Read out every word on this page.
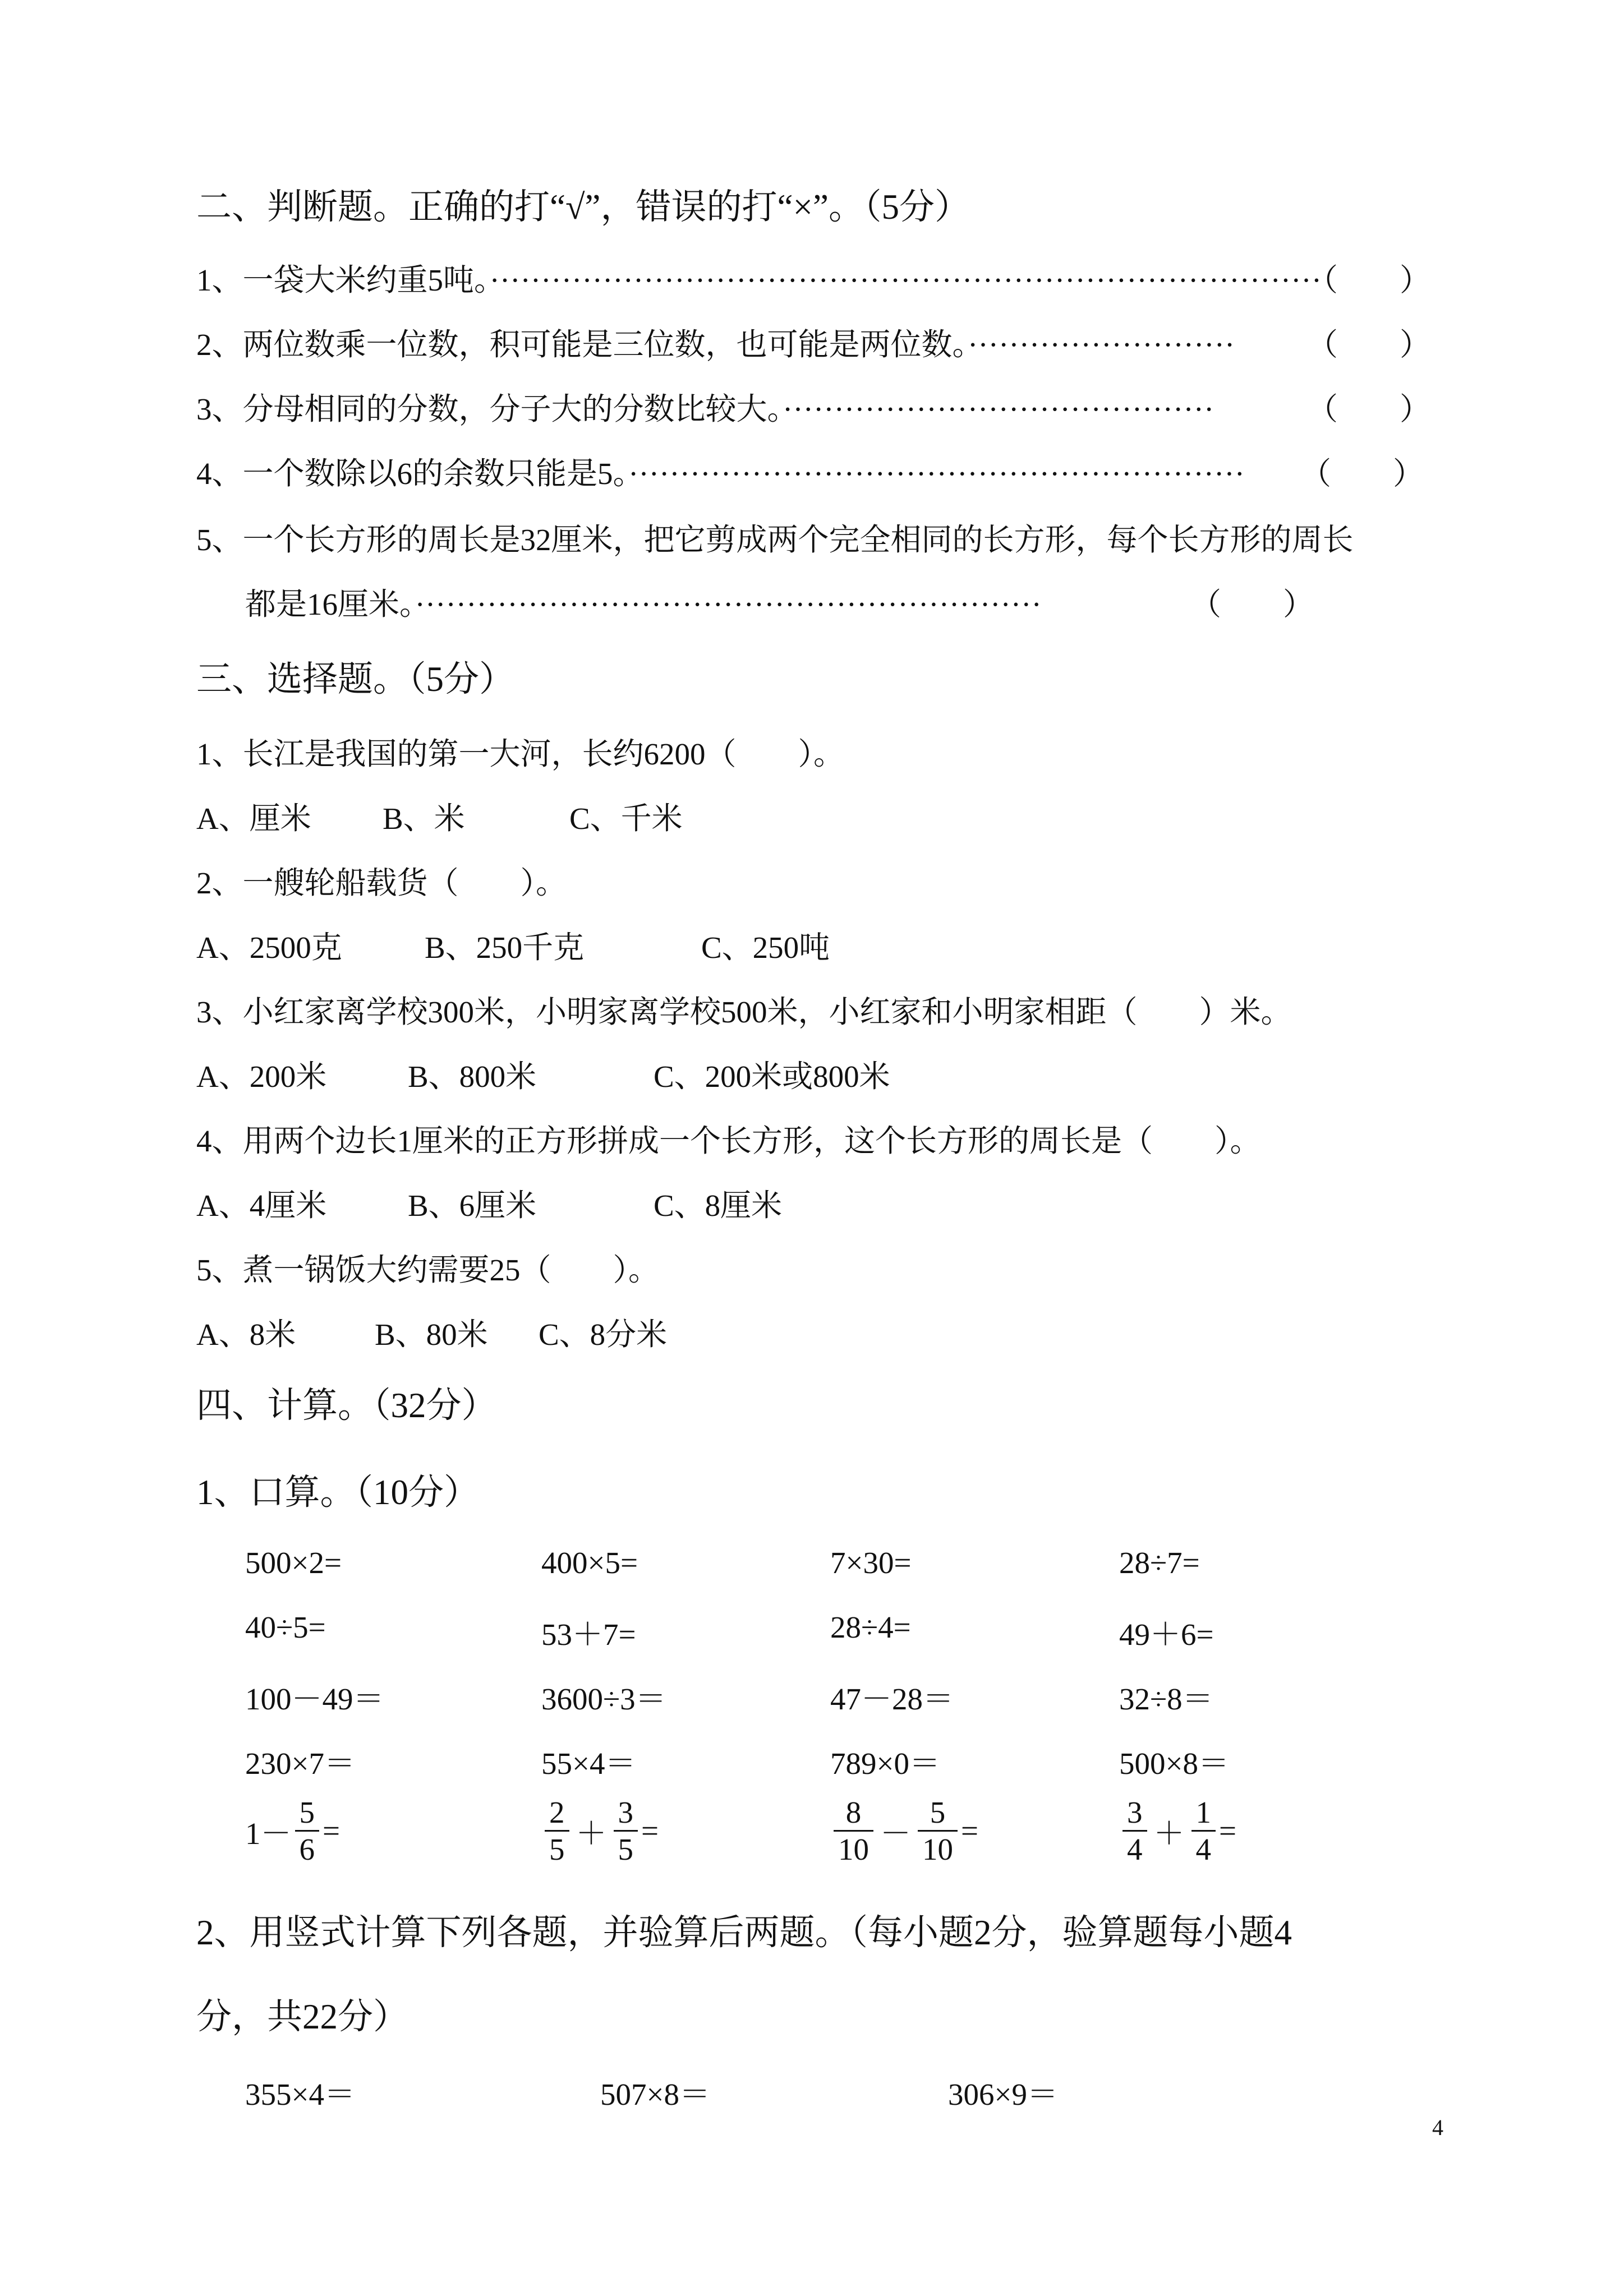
二、判断题。正确的打“√”，错误的打“×”。（5分）
1、一袋大米约重5吨。·················································································
（　　）
2、两位数乘一位数，积可能是三位数，也可能是两位数。·························· （　　）
3、分母相同的分数，分子大的分数比较大。··········································	（　　）
4、一个数除以6的余数只能是5。···························································· （　　）
5、一个长方形的周长是32厘米，把它剪成两个完全相同的长方形，每个长方形的周长
都是16厘米。·····························································	（　　）
三、选择题。（5分）
1、长江是我国的第一大河，长约6200（　　）。
A、厘米 B、米	C、千米
2、一艘轮船载货（　　）。
A、2500克	B、250千克	C、250吨
3、小红家离学校300米，小明家离学校500米，小红家和小明家相距（　　）米。
A、200米	B、800米	C、200米或800米
4、用两个边长1厘米的正方形拼成一个长方形，这个长方形的周长是（　　）。
A、4厘米	B、6厘米	C、8厘米
5、煮一锅饭大约需要25（　　）。
A、8米	B、80米 C、8分米
四、计算。（32分）
1、口算。（10分）
500×2=	400×5=	7×30=	28÷7=
40÷5=	53＋7=	28÷4=	49＋6=
100－49＝	3600÷3＝	47－28＝	32÷8＝
230×7＝	55×4＝	789×0＝	500×8＝
$1- \frac{5}{6}$ =	$\frac{2}{5} + \frac{3}{5}$ =	$\frac{8}{10} - \frac{5}{10}$ =	$\frac{3}{4} + \frac{1}{4}$ =
2、用竖式计算下列各题，并验算后两题。（每小题2分，验算题每小题4
分，共22分）
355×4＝	507×8＝	306×9＝
4
